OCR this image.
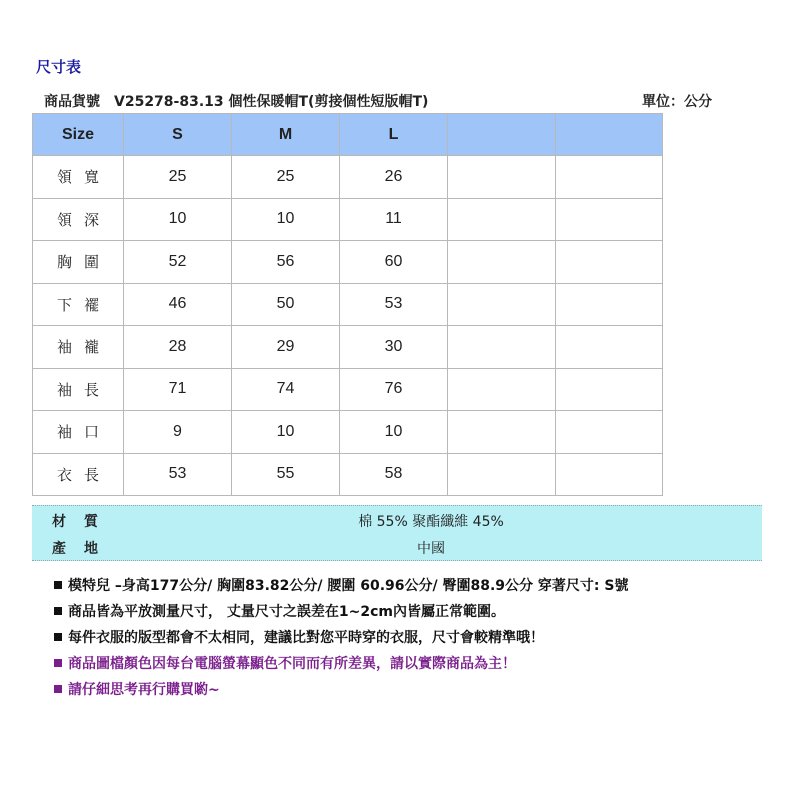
尺寸表
商品貨號　V25278-83.13 個性保暖帽T(剪接個性短版帽T)	單位：公分
Size	S	M	L		
領寬	25	25	26		
領深	10	10	11		
胸圍	52	56	60		
下襬	46	50	53		
袖襱	28	29	30		
袖長	71	74	76		
袖口	9	10	10		
衣長	53	55	58		
材質	棉 55% 聚酯纖維 45%
產地	中國
模特兒 –身高177公分/ 胸圍83.82公分/ 腰圍 60.96公分/ 臀圍88.9公分 穿著尺寸: S號
商品皆為平放測量尺寸， 丈量尺寸之誤差在1~2cm內皆屬正常範圍。
每件衣服的版型都會不太相同，建議比對您平時穿的衣服，尺寸會較精準哦！
商品圖檔顏色因每台電腦螢幕顯色不同而有所差異，請以實際商品為主！
請仔細思考再行購買喲~
